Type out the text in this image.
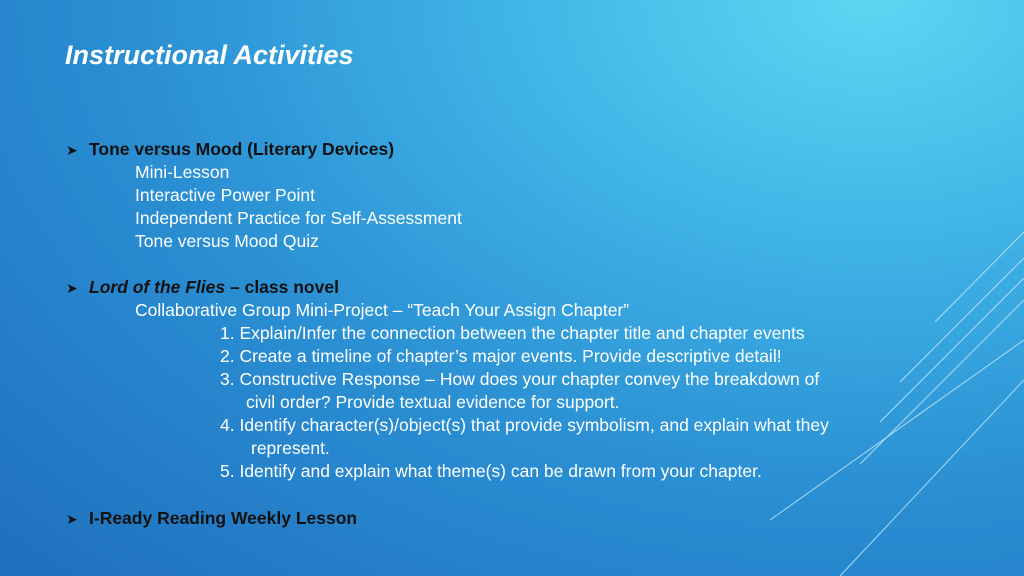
Instructional Activities
➤ Tone versus Mood (Literary Devices)
Mini-Lesson
Interactive Power Point
Independent Practice for Self-Assessment
Tone versus Mood Quiz
➤ Lord of the Flies – class novel
Collaborative Group Mini-Project – “Teach Your Assign Chapter”
1. Explain/Infer the connection between the chapter title and chapter events
2. Create a timeline of chapter’s major events. Provide descriptive detail!
3. Constructive Response – How does your chapter convey the breakdown of
civil order? Provide textual evidence for support.
4. Identify character(s)/object(s) that provide symbolism, and explain what they
represent.
5. Identify and explain what theme(s) can be drawn from your chapter.
➤ I-Ready Reading Weekly Lesson
